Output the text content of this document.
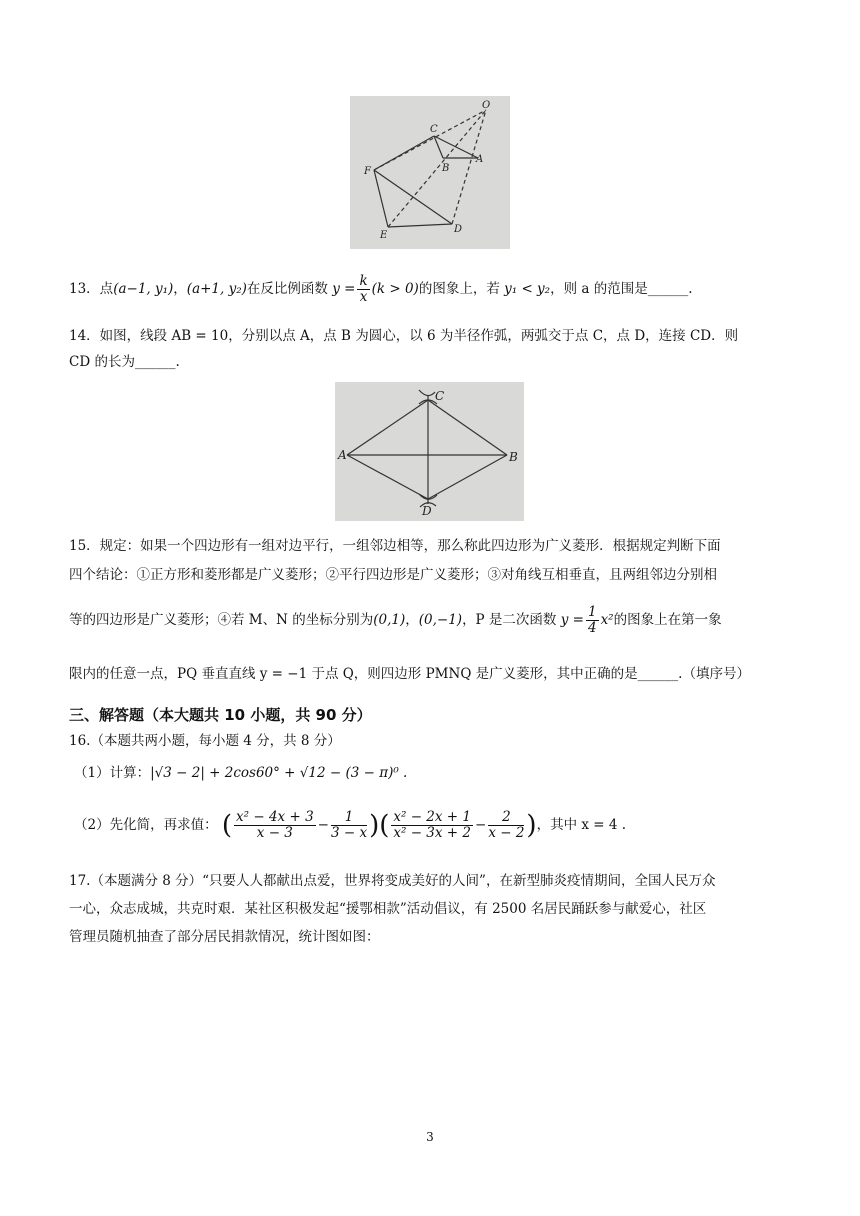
O
C
B
A
F
E
D
13．点(a−1, y₁)，(a+1, y₂)在反比例函数 $y = \frac{k}{x} (k > 0)$的图象上，若 y₁ < y₂，则 a 的范围是______.
14．如图，线段 AB = 10，分别以点 A，点 B 为圆心，以 6 为半径作弧，两弧交于点 C，点 D，连接 CD．则
CD 的长为______.
C
A	B
D
15．规定：如果一个四边形有一组对边平行，一组邻边相等，那么称此四边形为广义菱形．根据规定判断下面
四个结论：①正方形和菱形都是广义菱形；②平行四边形是广义菱形；③对角线互相垂直，且两组邻边分别相
等的四边形是广义菱形；④若 M、N 的坐标分别为(0,1)，(0,−1)，P 是二次函数 $y = \frac{1}{4} x^2$的图象上在第一象
限内的任意一点，PQ 垂直直线 y = −1 于点 Q，则四边形 PMNQ 是广义菱形，其中正确的是______.（填序号）
三、解答题（本大题共 10 小题，共 90 分）
16.（本题共两小题，每小题 4 分，共 8 分）
（1）计算：|√3 − 2| + 2cos60° + √12 − (3 − π)⁰ .
（2）先化简，再求值： ( $\frac{\text{x² − 4x + 3}}{x - 3} - \frac{1}{3 - x}$ )( $\frac{\text{x² − 2x + 1}}{\text{x² − 3x + 2}} - \frac{2}{x - 2}$ )，其中 x = 4 .
17.（本题满分 8 分）“只要人人都献出点爱，世界将变成美好的人间”，在新型肺炎疫情期间，全国人民万众
一心，众志成城，共克时艰．某社区积极发起“援鄂相款”活动倡议，有 2500 名居民踊跃参与献爱心，社区
管理员随机抽查了部分居民捐款情况，统计图如图：
3
